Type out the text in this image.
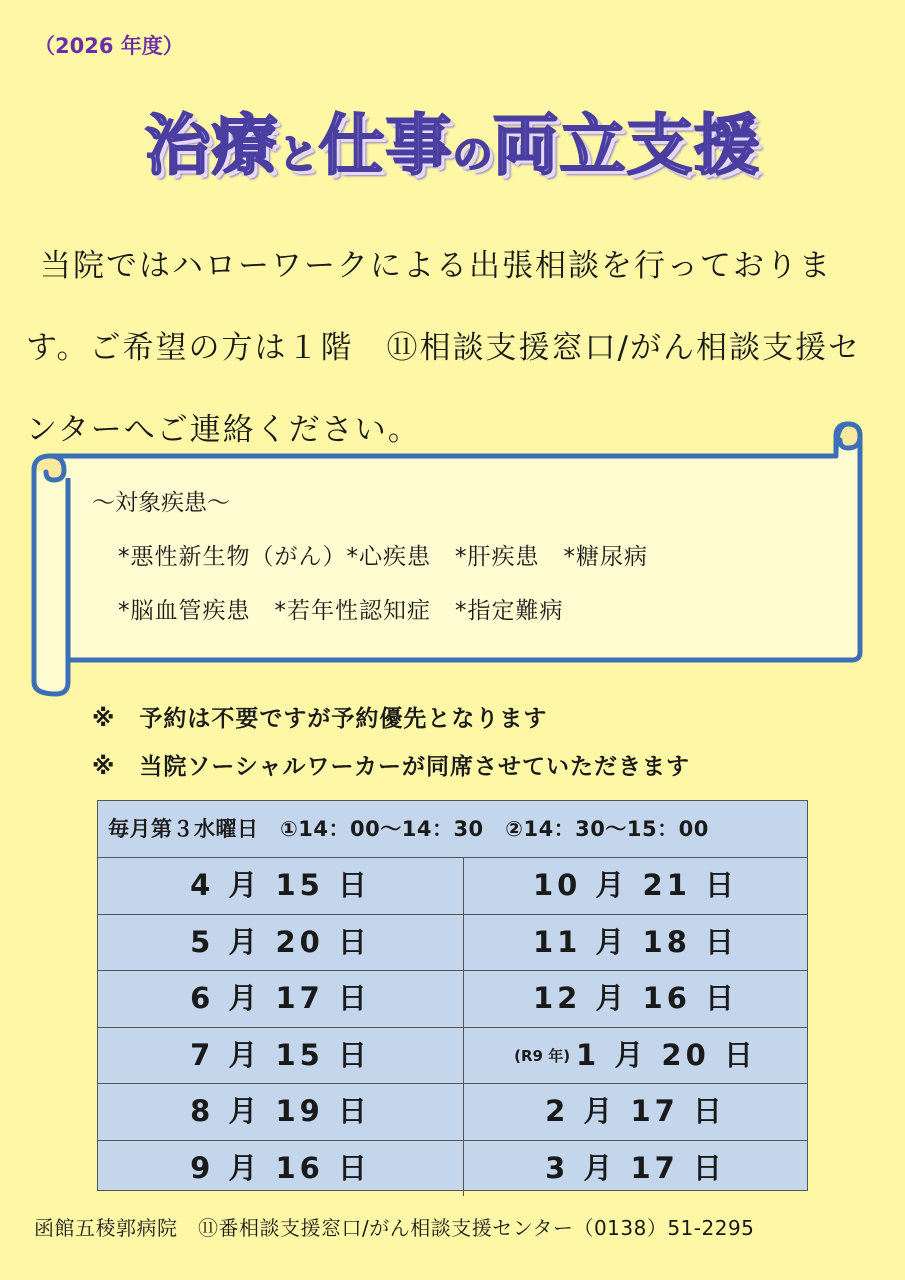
（2026 年度）
治療と仕事の両立支援
当院ではハローワークによる出張相談を行っております。ご希望の方は１階　⑪相談支援窓口/がん相談支援センターへご連絡ください。
～対象疾患～
*悪性新生物（がん）*心疾患　*肝疾患　*糖尿病
*脳血管疾患　*若年性認知症　*指定難病
※　予約は不要ですが予約優先となります
※　当院ソーシャルワーカーが同席させていただきます
毎月第３水曜日　①14：00～14：30　②14：30～15：00
4 月 15 日	10 月 21 日
5 月 20 日	11 月 18 日
6 月 17 日	12 月 16 日
7 月 15 日	(R9 年) 1 月 20 日
8 月 19 日	2 月 17 日
9 月 16 日	3 月 17 日
函館五稜郭病院　⑪番相談支援窓口/がん相談支援センター（0138）51-2295
